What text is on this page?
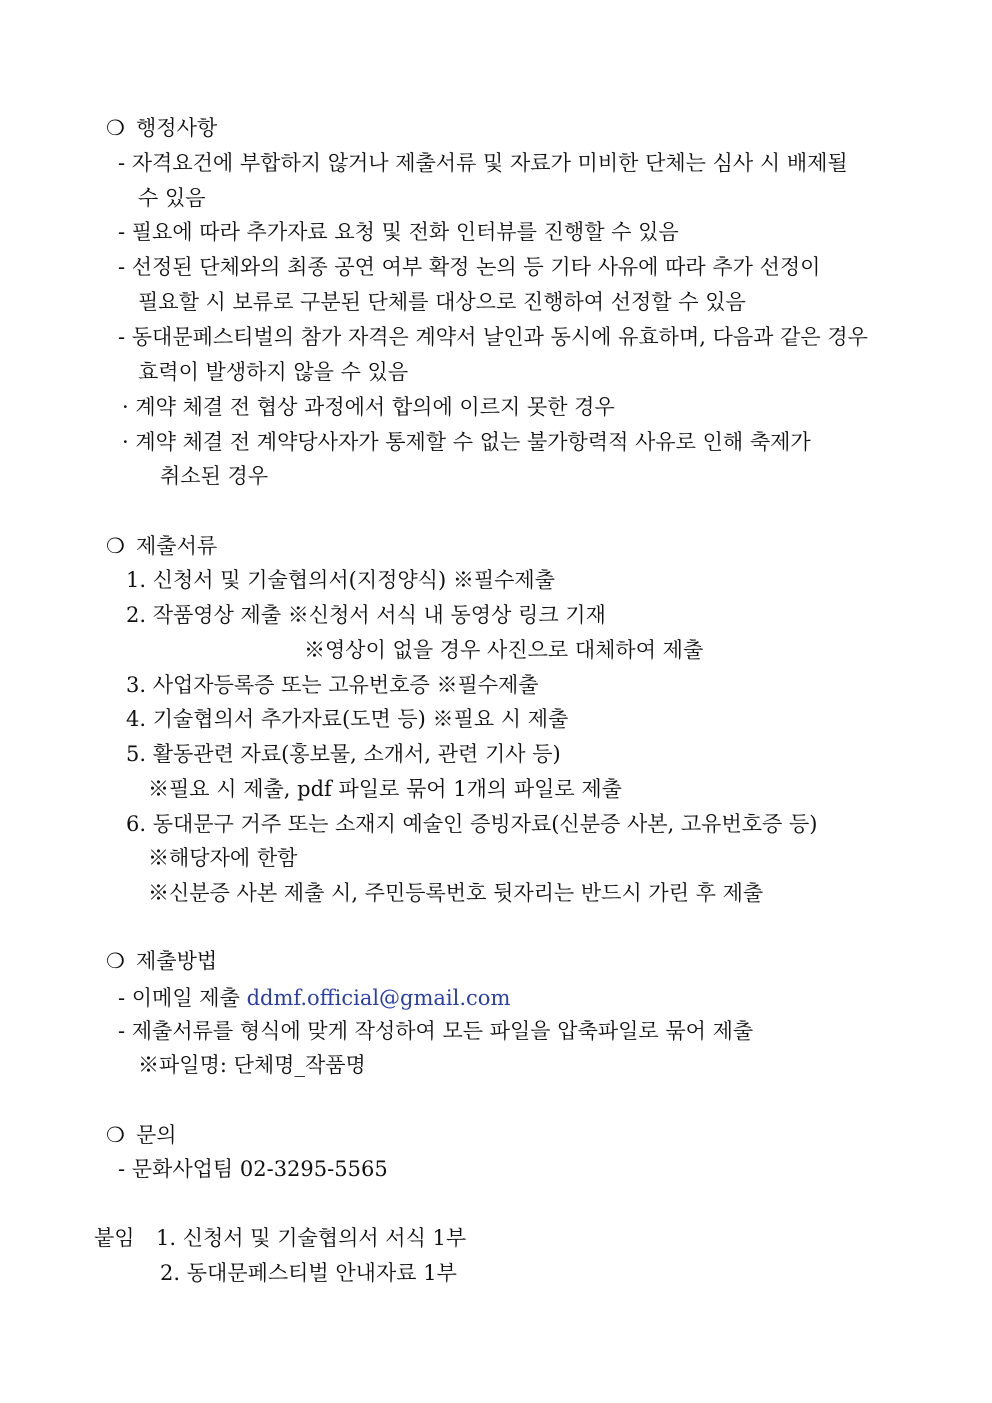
❍ 행정사항
- 자격요건에 부합하지 않거나 제출서류 및 자료가 미비한 단체는 심사 시 배제될
수 있음
- 필요에 따라 추가자료 요청 및 전화 인터뷰를 진행할 수 있음
- 선정된 단체와의 최종 공연 여부 확정 논의 등 기타 사유에 따라 추가 선정이
필요할 시 보류로 구분된 단체를 대상으로 진행하여 선정할 수 있음
- 동대문페스티벌의 참가 자격은 계약서 날인과 동시에 유효하며, 다음과 같은 경우
효력이 발생하지 않을 수 있음
· 계약 체결 전 협상 과정에서 합의에 이르지 못한 경우
· 계약 체결 전 계약당사자가 통제할 수 없는 불가항력적 사유로 인해 축제가
취소된 경우
❍ 제출서류
1. 신청서 및 기술협의서(지정양식) ※필수제출
2. 작품영상 제출 ※신청서 서식 내 동영상 링크 기재
※영상이 없을 경우 사진으로 대체하여 제출
3. 사업자등록증 또는 고유번호증 ※필수제출
4. 기술협의서 추가자료(도면 등) ※필요 시 제출
5. 활동관련 자료(홍보물, 소개서, 관련 기사 등)
※필요 시 제출, pdf 파일로 묶어 1개의 파일로 제출
6. 동대문구 거주 또는 소재지 예술인 증빙자료(신분증 사본, 고유번호증 등)
※해당자에 한함
※신분증 사본 제출 시, 주민등록번호 뒷자리는 반드시 가린 후 제출
❍ 제출방법
- 이메일 제출 ddmf.official@gmail.com
- 제출서류를 형식에 맞게 작성하여 모든 파일을 압축파일로 묶어 제출
※파일명: 단체명_작품명
❍ 문의
- 문화사업팀 02-3295-5565
붙임 1. 신청서 및 기술협의서 서식 1부
2. 동대문페스티벌 안내자료 1부
